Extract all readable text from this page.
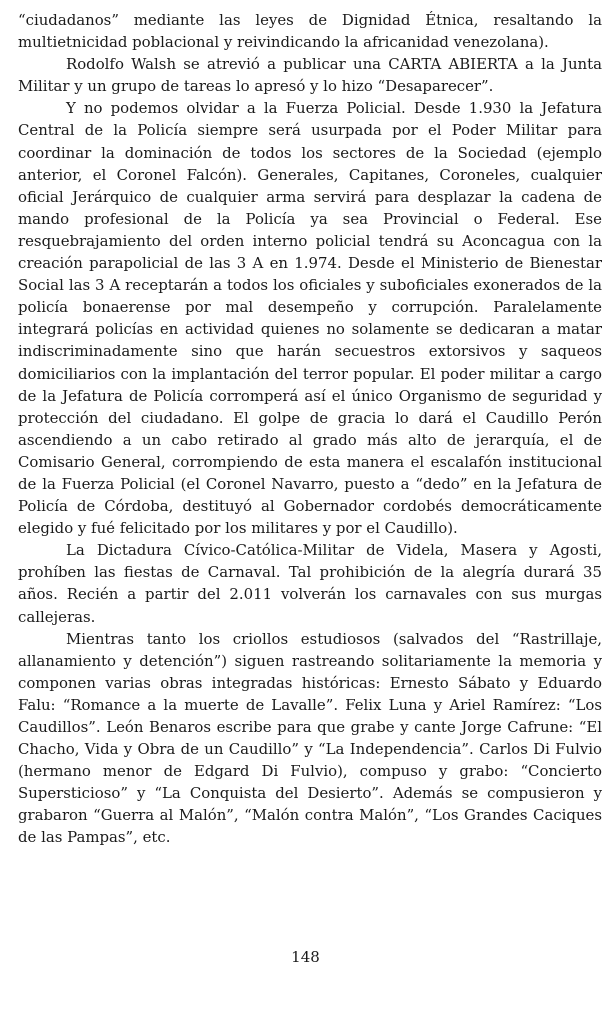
“ciudadanos” mediante las leyes de Dignidad Étnica, resaltando la multietnicidad poblacional y reivindicando la africanidad venezolana).

Rodolfo Walsh se atrevió a publicar una CARTA ABIERTA a la Junta Militar y un grupo de tareas lo apresó y lo hizo “Desaparecer”.

Y no podemos olvidar a la Fuerza Policial. Desde 1.930 la Jefatura Central de la Policía siempre será usurpada por el Poder Militar para coordinar la dominación de todos los sectores de la Sociedad (ejemplo anterior, el Coronel Falcón). Generales, Capitanes, Coroneles, cualquier oficial Jerárquico de cualquier arma servirá para desplazar la cadena de mando profesional de la Policía ya sea Provincial o Federal. Ese resquebrajamiento del orden interno policial tendrá su Aconcagua con la creación parapolicial de las 3 A en 1.974. Desde el Ministerio de Bienestar Social las 3 A receptarán a todos los oficiales y suboficiales exonerados de la policía bonaerense por mal desempeño y corrupción. Paralelamente integrará policías en actividad quienes no solamente se dedicaran a matar indiscriminadamente sino que harán secuestros extorsivos y saqueos domiciliarios con la implantación del terror popular. El poder militar a cargo de la Jefatura de Policía corromperá así el único Organismo de seguridad y protección del ciudadano. El golpe de gracia lo dará el Caudillo Perón ascendiendo a un cabo retirado al grado más alto de jerarquía, el de Comisario General, corrompiendo de esta manera el escalafón institucional de la Fuerza Policial (el Coronel Navarro, puesto a “dedo” en la Jefatura de Policía de Córdoba, destituyó al Gobernador cordobés democráticamente elegido y fué felicitado por los militares y por el Caudillo).

La Dictadura Cívico-Católica-Militar de Videla, Masera y Agosti, prohíben las fiestas de Carnaval. Tal prohibición de la alegría durará 35 años. Recién a partir del 2.011 volverán los carnavales con sus murgas callejeras.

Mientras tanto los criollos estudiosos (salvados del “Rastrillaje, allanamiento y detención”) siguen rastreando solitariamente la memoria y componen varias obras integradas históricas: Ernesto Sábato y Eduardo Falu: “Romance a la muerte de Lavalle”. Felix Luna y Ariel Ramírez: “Los Caudillos”. León Benaros escribe para que grabe y cante Jorge Cafrune: “El Chacho, Vida y Obra de un Caudillo” y “La Independencia”. Carlos Di Fulvio (hermano menor de Edgard Di Fulvio), compuso y grabo: “Concierto Supersticioso” y “La Conquista del Desierto”. Además se compusieron y grabaron “Guerra al Malón”, “Malón contra Malón”, “Los Grandes Caciques de las Pampas”, etc.

148
